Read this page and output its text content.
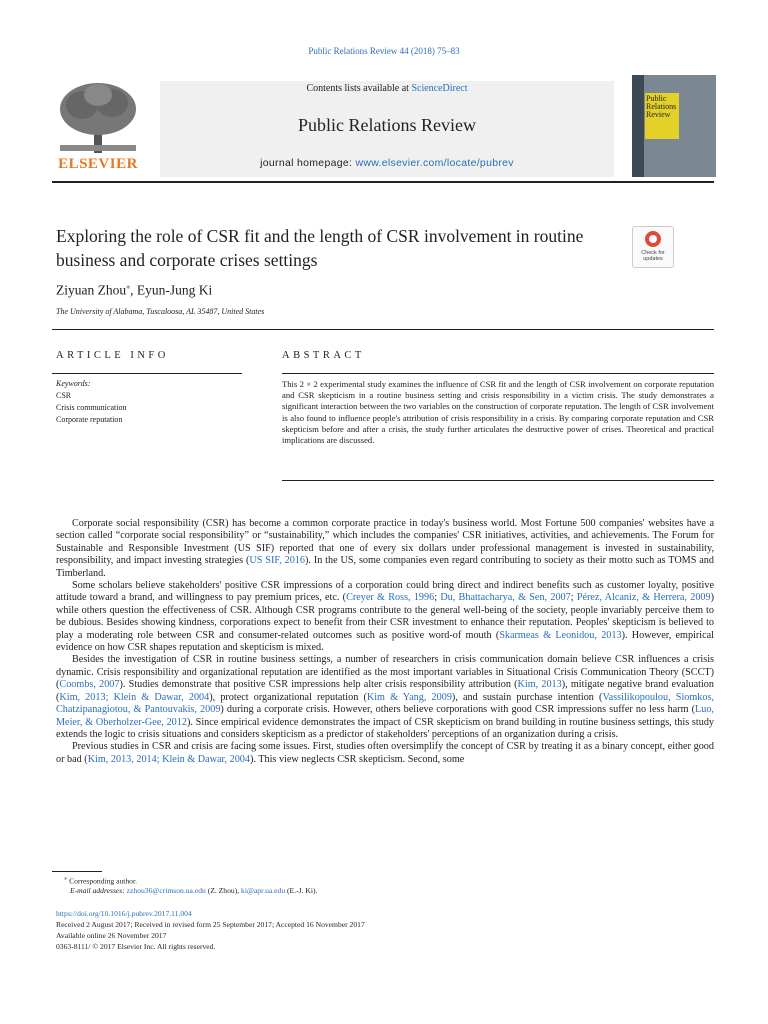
Public Relations Review 44 (2018) 75–83
ELSEVIER
Contents lists available at ScienceDirect
Public Relations Review
journal homepage: www.elsevier.com/locate/pubrev
Public Relations Review
Exploring the role of CSR fit and the length of CSR involvement in routine business and corporate crises settings	Check for updates
Ziyuan Zhou⁎, Eyun-Jung Ki
The University of Alabama, Tuscaloosa, AL 35487, United States
ARTICLE INFO
Keywords:
CSR
Crisis communication
Corporate reputation
ABSTRACT
This 2 × 2 experimental study examines the influence of CSR fit and the length of CSR involvement on corporate reputation and CSR skepticism in a routine business setting and crisis responsibility in a victim crisis. The study demonstrates a significant interaction between the two variables on the construction of corporate reputation. The length of CSR involvement is also found to influence people's attribution of crisis responsibility in a crisis. By comparing corporate reputation and CSR skepticism before and after a crisis, the study further articulates the destructive power of crises. Theoretical and practical implications are discussed.

Corporate social responsibility (CSR) has become a common corporate practice in today's business world. Most Fortune 500 companies' websites have a section called “corporate social responsibility” or “sustainability,” which includes the companies' CSR initiatives, activities, and achievements. The Forum for Sustainable and Responsible Investment (US SIF) reported that one of every six dollars under professional management is invested in sustainability, responsibility, and impact investing strategies (US SIF, 2016). In the US, some companies even regard contributing to society as their motto such as TOMS and Timberland.

Some scholars believe stakeholders' positive CSR impressions of a corporation could bring direct and indirect benefits such as customer loyalty, positive attitude toward a brand, and willingness to pay premium prices, etc. (Creyer & Ross, 1996; Du, Bhattacharya, & Sen, 2007; Pérez, Alcaniz, & Herrera, 2009) while others question the effectiveness of CSR. Although CSR programs contribute to the general well-being of the society, people invariably perceive them to be dubious. Besides showing kindness, corporations expect to benefit from their CSR investment to enhance their reputation. Peoples' skepticism is believed to play a moderating role between CSR and consumer-related outcomes such as positive word-of mouth (Skarmeas & Leonidou, 2013). However, empirical evidence on how CSR shapes reputation and skepticism is mixed.

Besides the investigation of CSR in routine business settings, a number of researchers in crisis communication domain believe CSR influences a crisis dynamic. Crisis responsibility and organizational reputation are identified as the most important variables in Situational Crisis Communication Theory (SCCT) (Coombs, 2007). Studies demonstrate that positive CSR impressions help alter crisis responsibility attribution (Kim, 2013), mitigate negative brand evaluation (Kim, 2013; Klein & Dawar, 2004), protect organizational reputation (Kim & Yang, 2009), and sustain purchase intention (Vassilikopoulou, Siomkos, Chatzipanagiotou, & Pantouvakis, 2009) during a corporate crisis. However, others believe corporations with good CSR impressions suffer no less harm (Luo, Meier, & Oberholzer-Gee, 2012). Since empirical evidence demonstrates the impact of CSR skepticism on brand building in routine business settings, this study extends the logic to crisis situations and considers skepticism as a predictor of stakeholders' perceptions of an organization during a crisis.

Previous studies in CSR and crisis are facing some issues. First, studies often oversimplify the concept of CSR by treating it as a binary concept, either good or bad (Kim, 2013, 2014; Klein & Dawar, 2004). This view neglects CSR skepticism. Second, some

⁎ Corresponding author.
E-mail addresses: zzhou36@crimson.ua.edu (Z. Zhou), ki@apr.ua.edu (E.-J. Ki).
https://doi.org/10.1016/j.pubrev.2017.11.004
Received 2 August 2017; Received in revised form 25 September 2017; Accepted 16 November 2017
Available online 26 November 2017
0363-8111/ © 2017 Elsevier Inc. All rights reserved.
